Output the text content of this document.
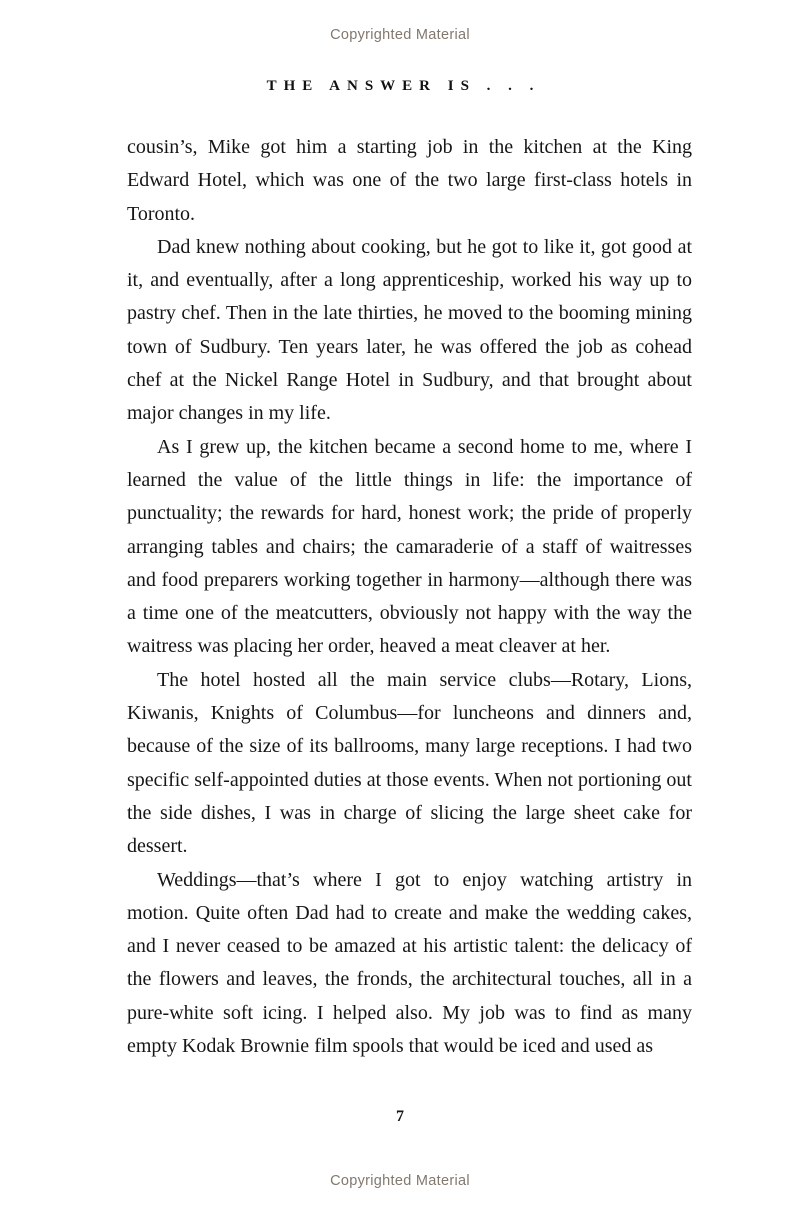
Copyrighted Material
THE ANSWER IS . . .

cousin’s, Mike got him a starting job in the kitchen at the King Edward Hotel, which was one of the two large first-class hotels in Toronto.

Dad knew nothing about cooking, but he got to like it, got good at it, and eventually, after a long apprenticeship, worked his way up to pastry chef. Then in the late thirties, he moved to the booming mining town of Sudbury. Ten years later, he was offered the job as cohead chef at the Nickel Range Hotel in Sudbury, and that brought about major changes in my life.

As I grew up, the kitchen became a second home to me, where I learned the value of the little things in life: the importance of punctuality; the rewards for hard, honest work; the pride of properly arranging tables and chairs; the camaraderie of a staff of waitresses and food preparers working together in harmony—although there was a time one of the meatcutters, obviously not happy with the way the waitress was placing her order, heaved a meat cleaver at her.

The hotel hosted all the main service clubs—Rotary, Lions, Kiwanis, Knights of Columbus—for luncheons and dinners and, because of the size of its ballrooms, many large receptions. I had two specific self-appointed duties at those events. When not portioning out the side dishes, I was in charge of slicing the large sheet cake for dessert.

Weddings—that’s where I got to enjoy watching artistry in motion. Quite often Dad had to create and make the wedding cakes, and I never ceased to be amazed at his artistic talent: the delicacy of the flowers and leaves, the fronds, the architectural touches, all in a pure-white soft icing. I helped also. My job was to find as many empty Kodak Brownie film spools that would be iced and used as

7
Copyrighted Material
